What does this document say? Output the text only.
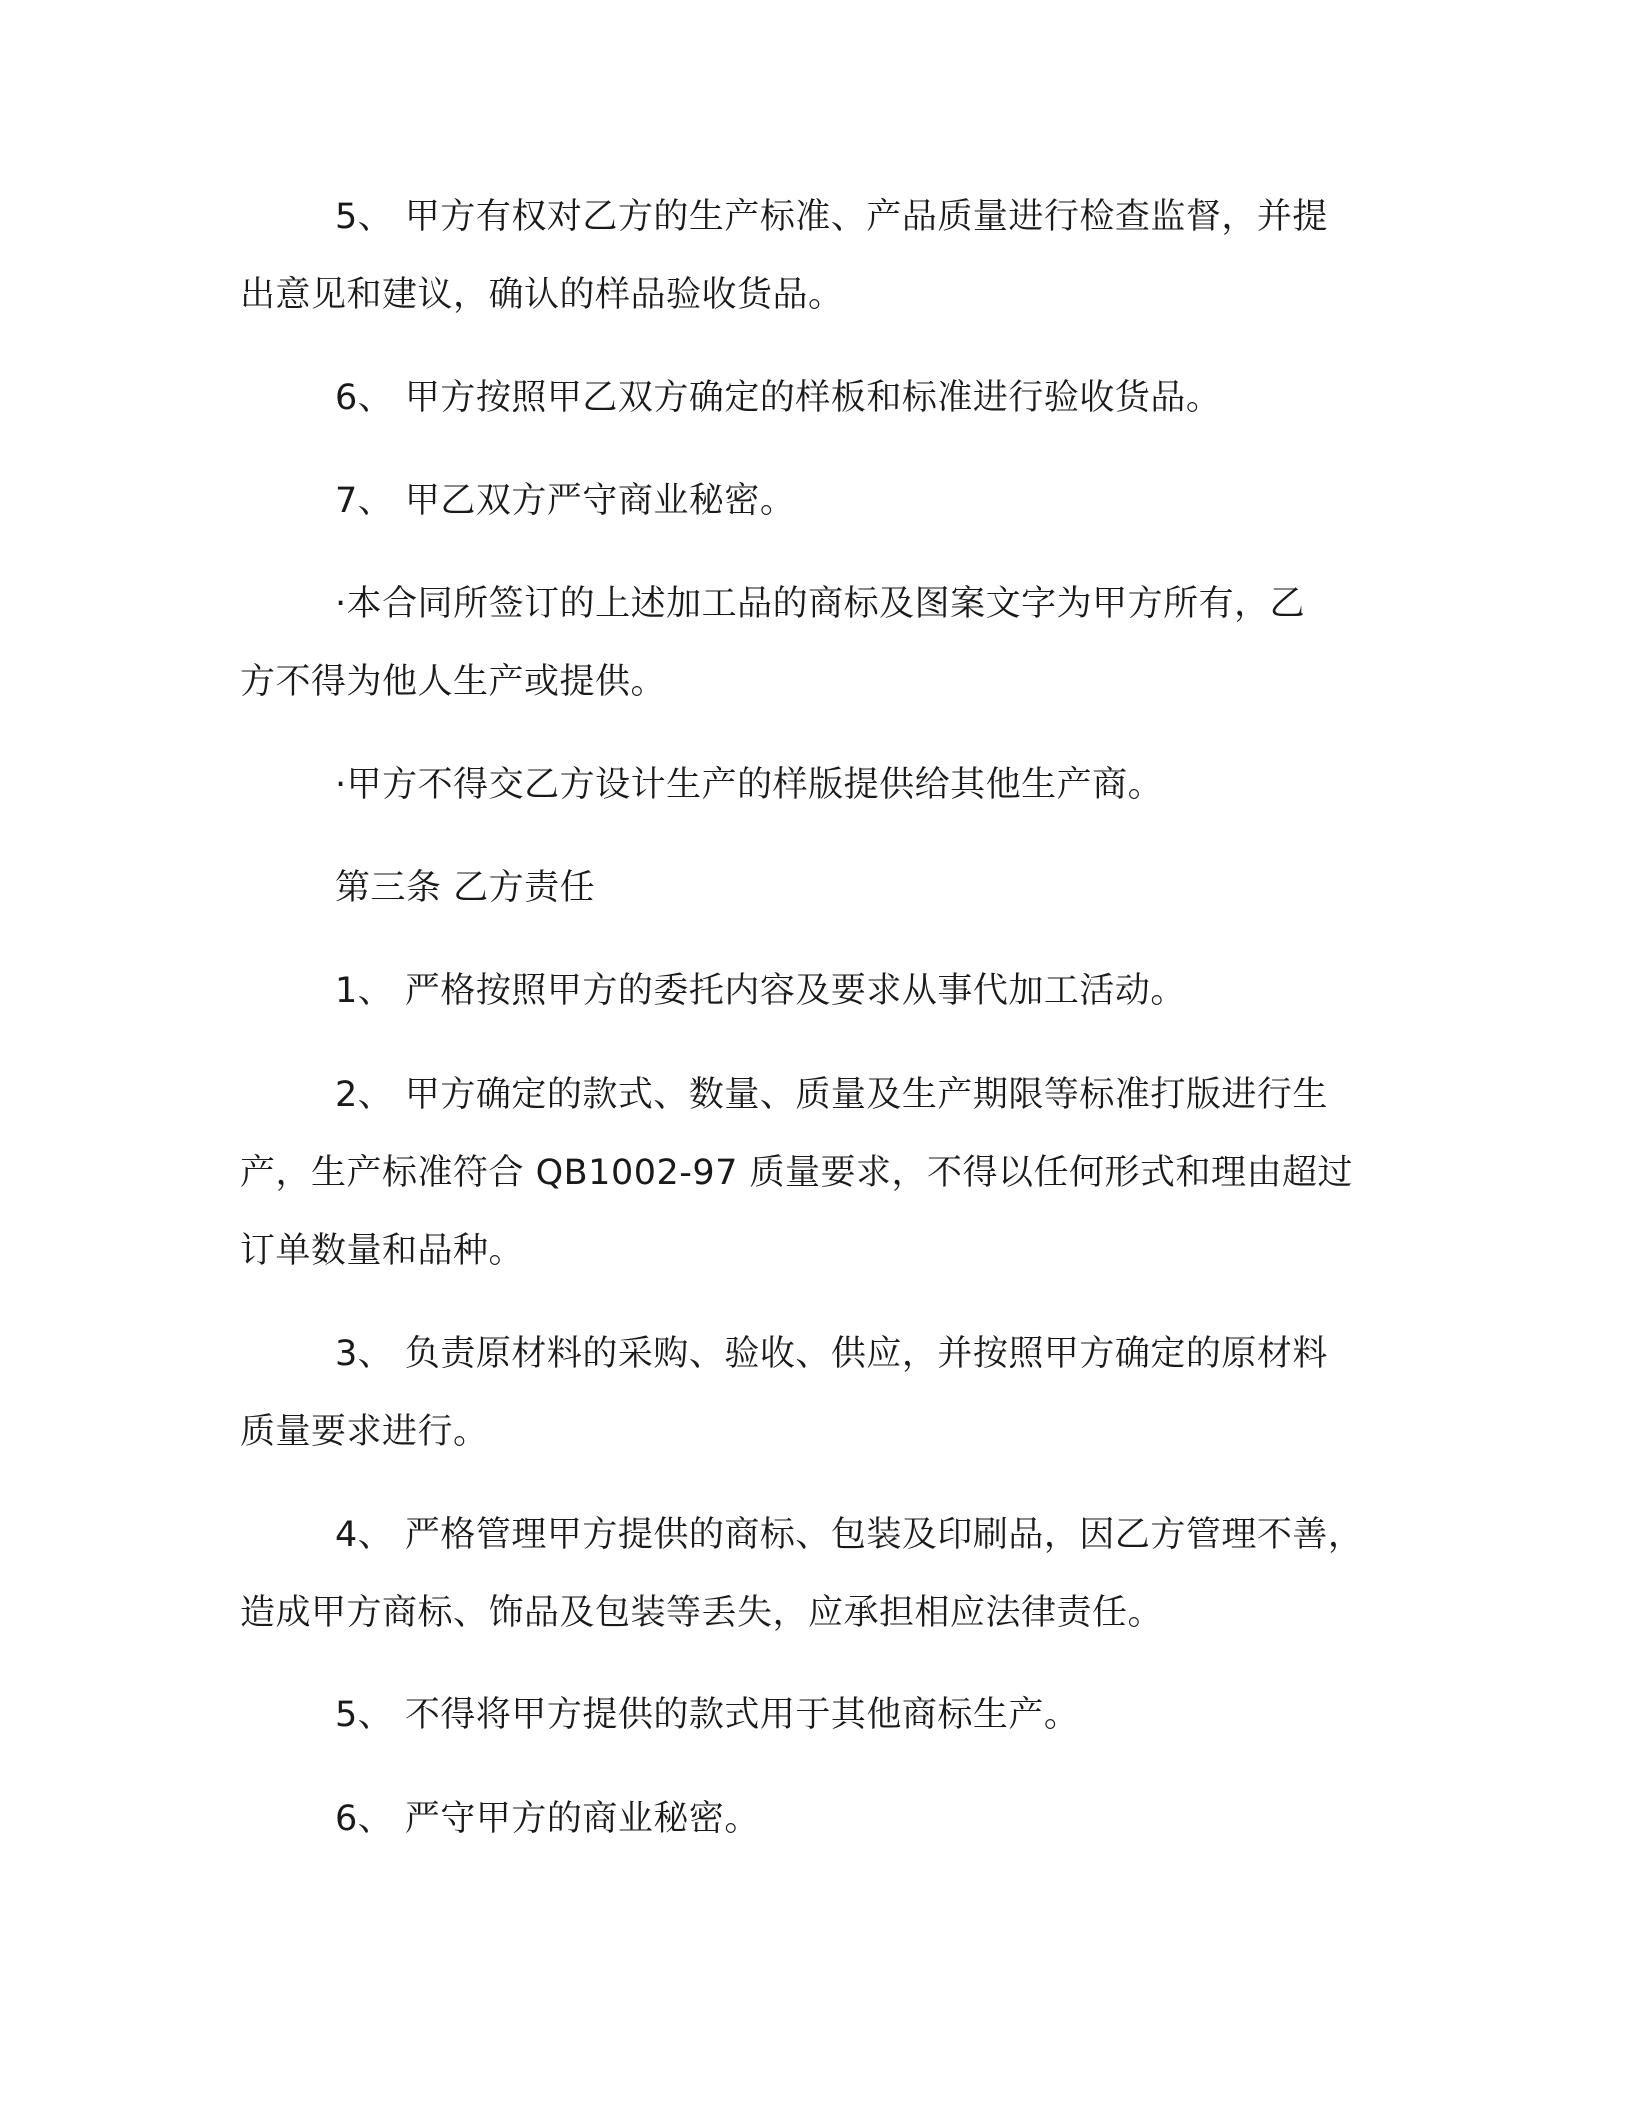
5、 甲方有权对乙方的生产标准、产品质量进行检查监督，并提
出意见和建议，确认的样品验收货品。
6、 甲方按照甲乙双方确定的样板和标准进行验收货品。
7、 甲乙双方严守商业秘密。
·本合同所签订的上述加工品的商标及图案文字为甲方所有，乙
方不得为他人生产或提供。
·甲方不得交乙方设计生产的样版提供给其他生产商。
第三条 乙方责任
1、 严格按照甲方的委托内容及要求从事代加工活动。
2、 甲方确定的款式、数量、质量及生产期限等标准打版进行生
产，生产标准符合 QB1002-97 质量要求，不得以任何形式和理由超过
订单数量和品种。
3、 负责原材料的采购、验收、供应，并按照甲方确定的原材料
质量要求进行。
4、 严格管理甲方提供的商标、包装及印刷品，因乙方管理不善，
造成甲方商标、饰品及包装等丢失，应承担相应法律责任。
5、 不得将甲方提供的款式用于其他商标生产。
6、 严守甲方的商业秘密。
